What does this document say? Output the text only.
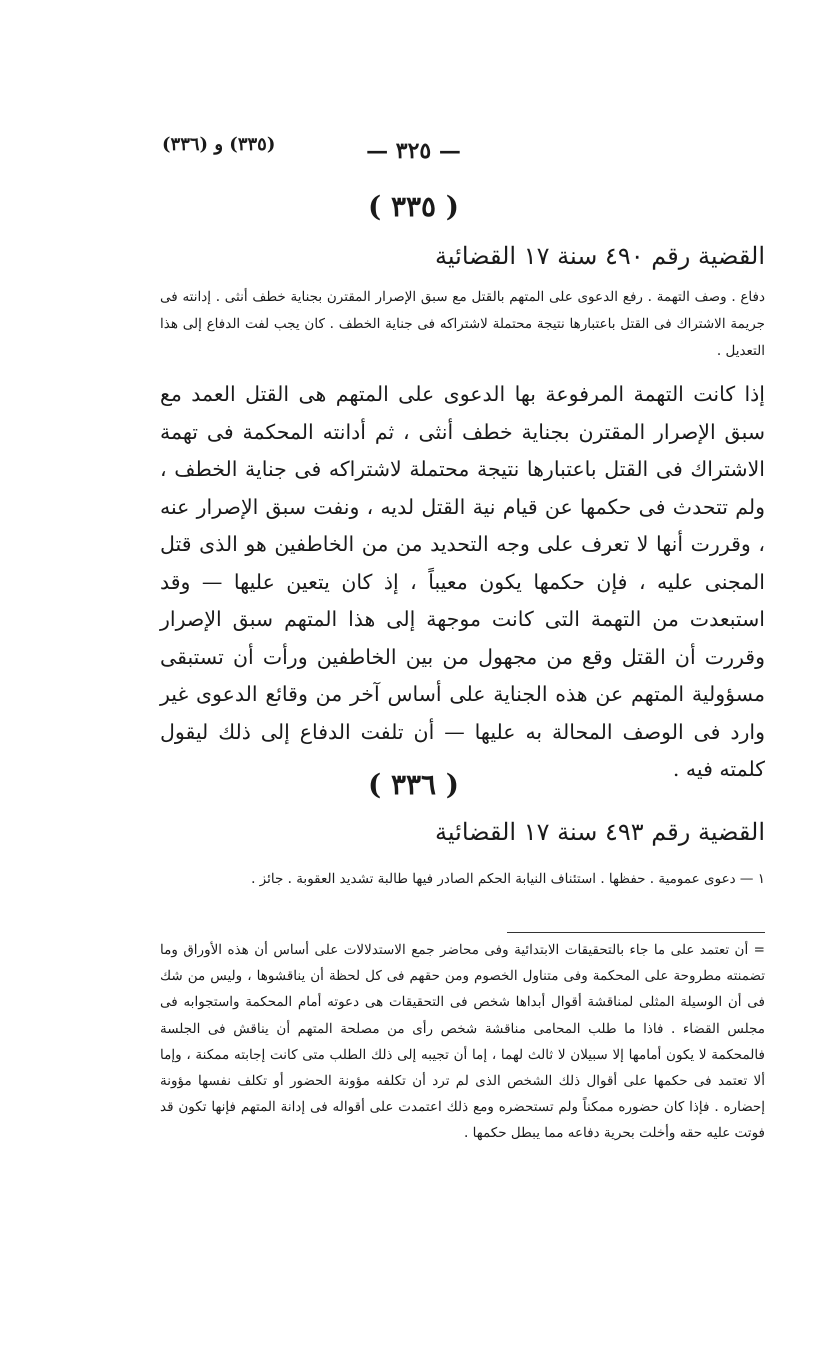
— ٣٢٥ —
(٣٣٥) و (٣٣٦)
( ٣٣٥ )
القضية رقم ٤٩٠ سنة ١٧ القضائية

دفاع . وصف التهمة . رفع الدعوى على المتهم بالقتل مع سبق الإصرار المقترن بجناية خطف أنثى . إدانته فى جريمة الاشتراك فى القتل باعتبارها نتيجة محتملة لاشتراكه فى جناية الخطف . كان يجب لفت الدفاع إلى هذا التعديل .

إذا كانت التهمة المرفوعة بها الدعوى على المتهم هى القتل العمد مع سبق الإصرار المقترن بجناية خطف أنثى ، ثم أدانته المحكمة فى تهمة الاشتراك فى القتل باعتبارها نتيجة محتملة لاشتراكه فى جناية الخطف ، ولم تتحدث فى حكمها عن قيام نية القتل لديه ، ونفت سبق الإصرار عنه ، وقررت أنها لا تعرف على وجه التحديد من من الخاطفين هو الذى قتل المجنى عليه ، فإن حكمها يكون معيباً ، إذ كان يتعين عليها — وقد استبعدت من التهمة التى كانت موجهة إلى هذا المتهم سبق الإصرار وقررت أن القتل وقع من مجهول من بين الخاطفين ورأت أن تستبقى مسؤولية المتهم عن هذه الجناية على أساس آخر من وقائع الدعوى غير وارد فى الوصف المحالة به عليها — أن تلفت الدفاع إلى ذلك ليقول كلمته فيه .

( ٣٣٦ )
القضية رقم ٤٩٣ سنة ١٧ القضائية

١ — دعوى عمومية . حفظها . استئناف النيابة الحكم الصادر فيها طالبة تشديد العقوبة . جائز .

= أن تعتمد على ما جاء بالتحقيقات الابتدائية وفى محاضر جمع الاستدلالات على أساس أن هذه الأوراق وما تضمنته مطروحة على المحكمة وفى متناول الخصوم ومن حقهم فى كل لحظة أن يناقشوها ، وليس من شك فى أن الوسيلة المثلى لمناقشة أقوال أبداها شخص فى التحقيقات هى دعوته أمام المحكمة واستجوابه فى مجلس القضاء . فاذا ما طلب المحامى مناقشة شخص رأى من مصلحة المتهم أن يناقش فى الجلسة فالمحكمة لا يكون أمامها إلا سبيلان لا ثالث لهما ، إما أن تجيبه إلى ذلك الطلب متى كانت إجابته ممكنة ، وإما ألا تعتمد فى حكمها على أقوال ذلك الشخص الذى لم ترد أن تكلفه مؤونة الحضور أو تكلف نفسها مؤونة إحضاره . فإذا كان حضوره ممكناً ولم تستحضره ومع ذلك اعتمدت على أقواله فى إدانة المتهم فإنها تكون قد فوتت عليه حقه وأخلت بحرية دفاعه مما يبطل حكمها .
